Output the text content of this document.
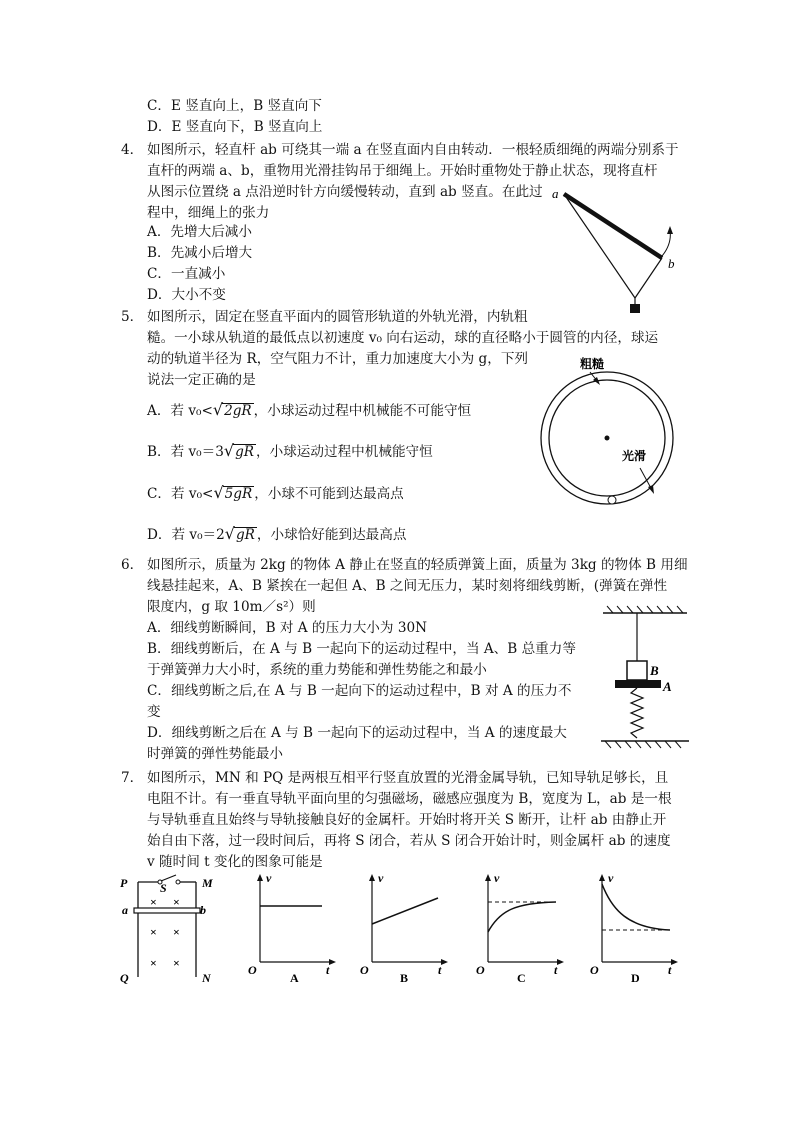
C．E 竖直向上，B 竖直向下
D．E 竖直向下，B 竖直向上
4． 如图所示，轻直杆 ab 可绕其一端 a 在竖直面内自由转动．一根轻质细绳的两端分别系于
直杆的两端 a、b，重物用光滑挂钩吊于细绳上。开始时重物处于静止状态，现将直杆
从图示位置绕 a 点沿逆时针方向缓慢转动，直到 ab 竖直。在此过
程中，细绳上的张力
A．先增大后减小
B．先减小后增大
C．一直减小
D．大小不变
a
b
5． 如图所示，固定在竖直平面内的圆管形轨道的外轨光滑，内轨粗
糙。一小球从轨道的最低点以初速度 v₀ 向右运动，球的直径略小于圆管的内径，球运
动的轨道半径为 R，空气阻力不计，重力加速度大小为 g，下列
说法一定正确的是
A．若 v₀<√2gR ，小球运动过程中机械能不可能守恒
B．若 v₀＝3√gR ，小球运动过程中机械能守恒
C．若 v₀<√5gR ，小球不可能到达最高点
D．若 v₀＝2√gR ，小球恰好能到达最高点
粗糙
光滑
6． 如图所示，质量为 2kg 的物体 A 静止在竖直的轻质弹簧上面，质量为 3kg 的物体 B 用细
线悬挂起来，A、B 紧挨在一起但 A、B 之间无压力，某时刻将细线剪断，(弹簧在弹性
限度内，g 取 10m／s²）则
A．细线剪断瞬间，B 对 A 的压力大小为 30N
B．细线剪断后，在 A 与 B 一起向下的运动过程中，当 A、B 总重力等
于弹簧弹力大小时，系统的重力势能和弹性势能之和最小
C．细线剪断之后,在 A 与 B 一起向下的运动过程中，B 对 A 的压力不
变
D．细线剪断之后在 A 与 B 一起向下的运动过程中，当 A 的速度最大
时弹簧的弹性势能最小
B
A
7． 如图所示，MN 和 PQ 是两根互相平行竖直放置的光滑金属导轨，已知导轨足够长，且
电阻不计。有一垂直导轨平面向里的匀强磁场，磁感应强度为 B，宽度为 L，ab 是一根
与导轨垂直且始终与导轨接触良好的金属杆。开始时将开关 S 断开，让杆 ab 由静止开
始自由下落，过一段时间后，再将 S 闭合，若从 S 闭合开始计时，则金属杆 ab 的速度
v 随时间 t 变化的图象可能是
P	S	M
a	b
Q	N
× ×
× ×
× ×
v
t
O
A
v
t
O
B
v
t
O
C
v
t
O
D
